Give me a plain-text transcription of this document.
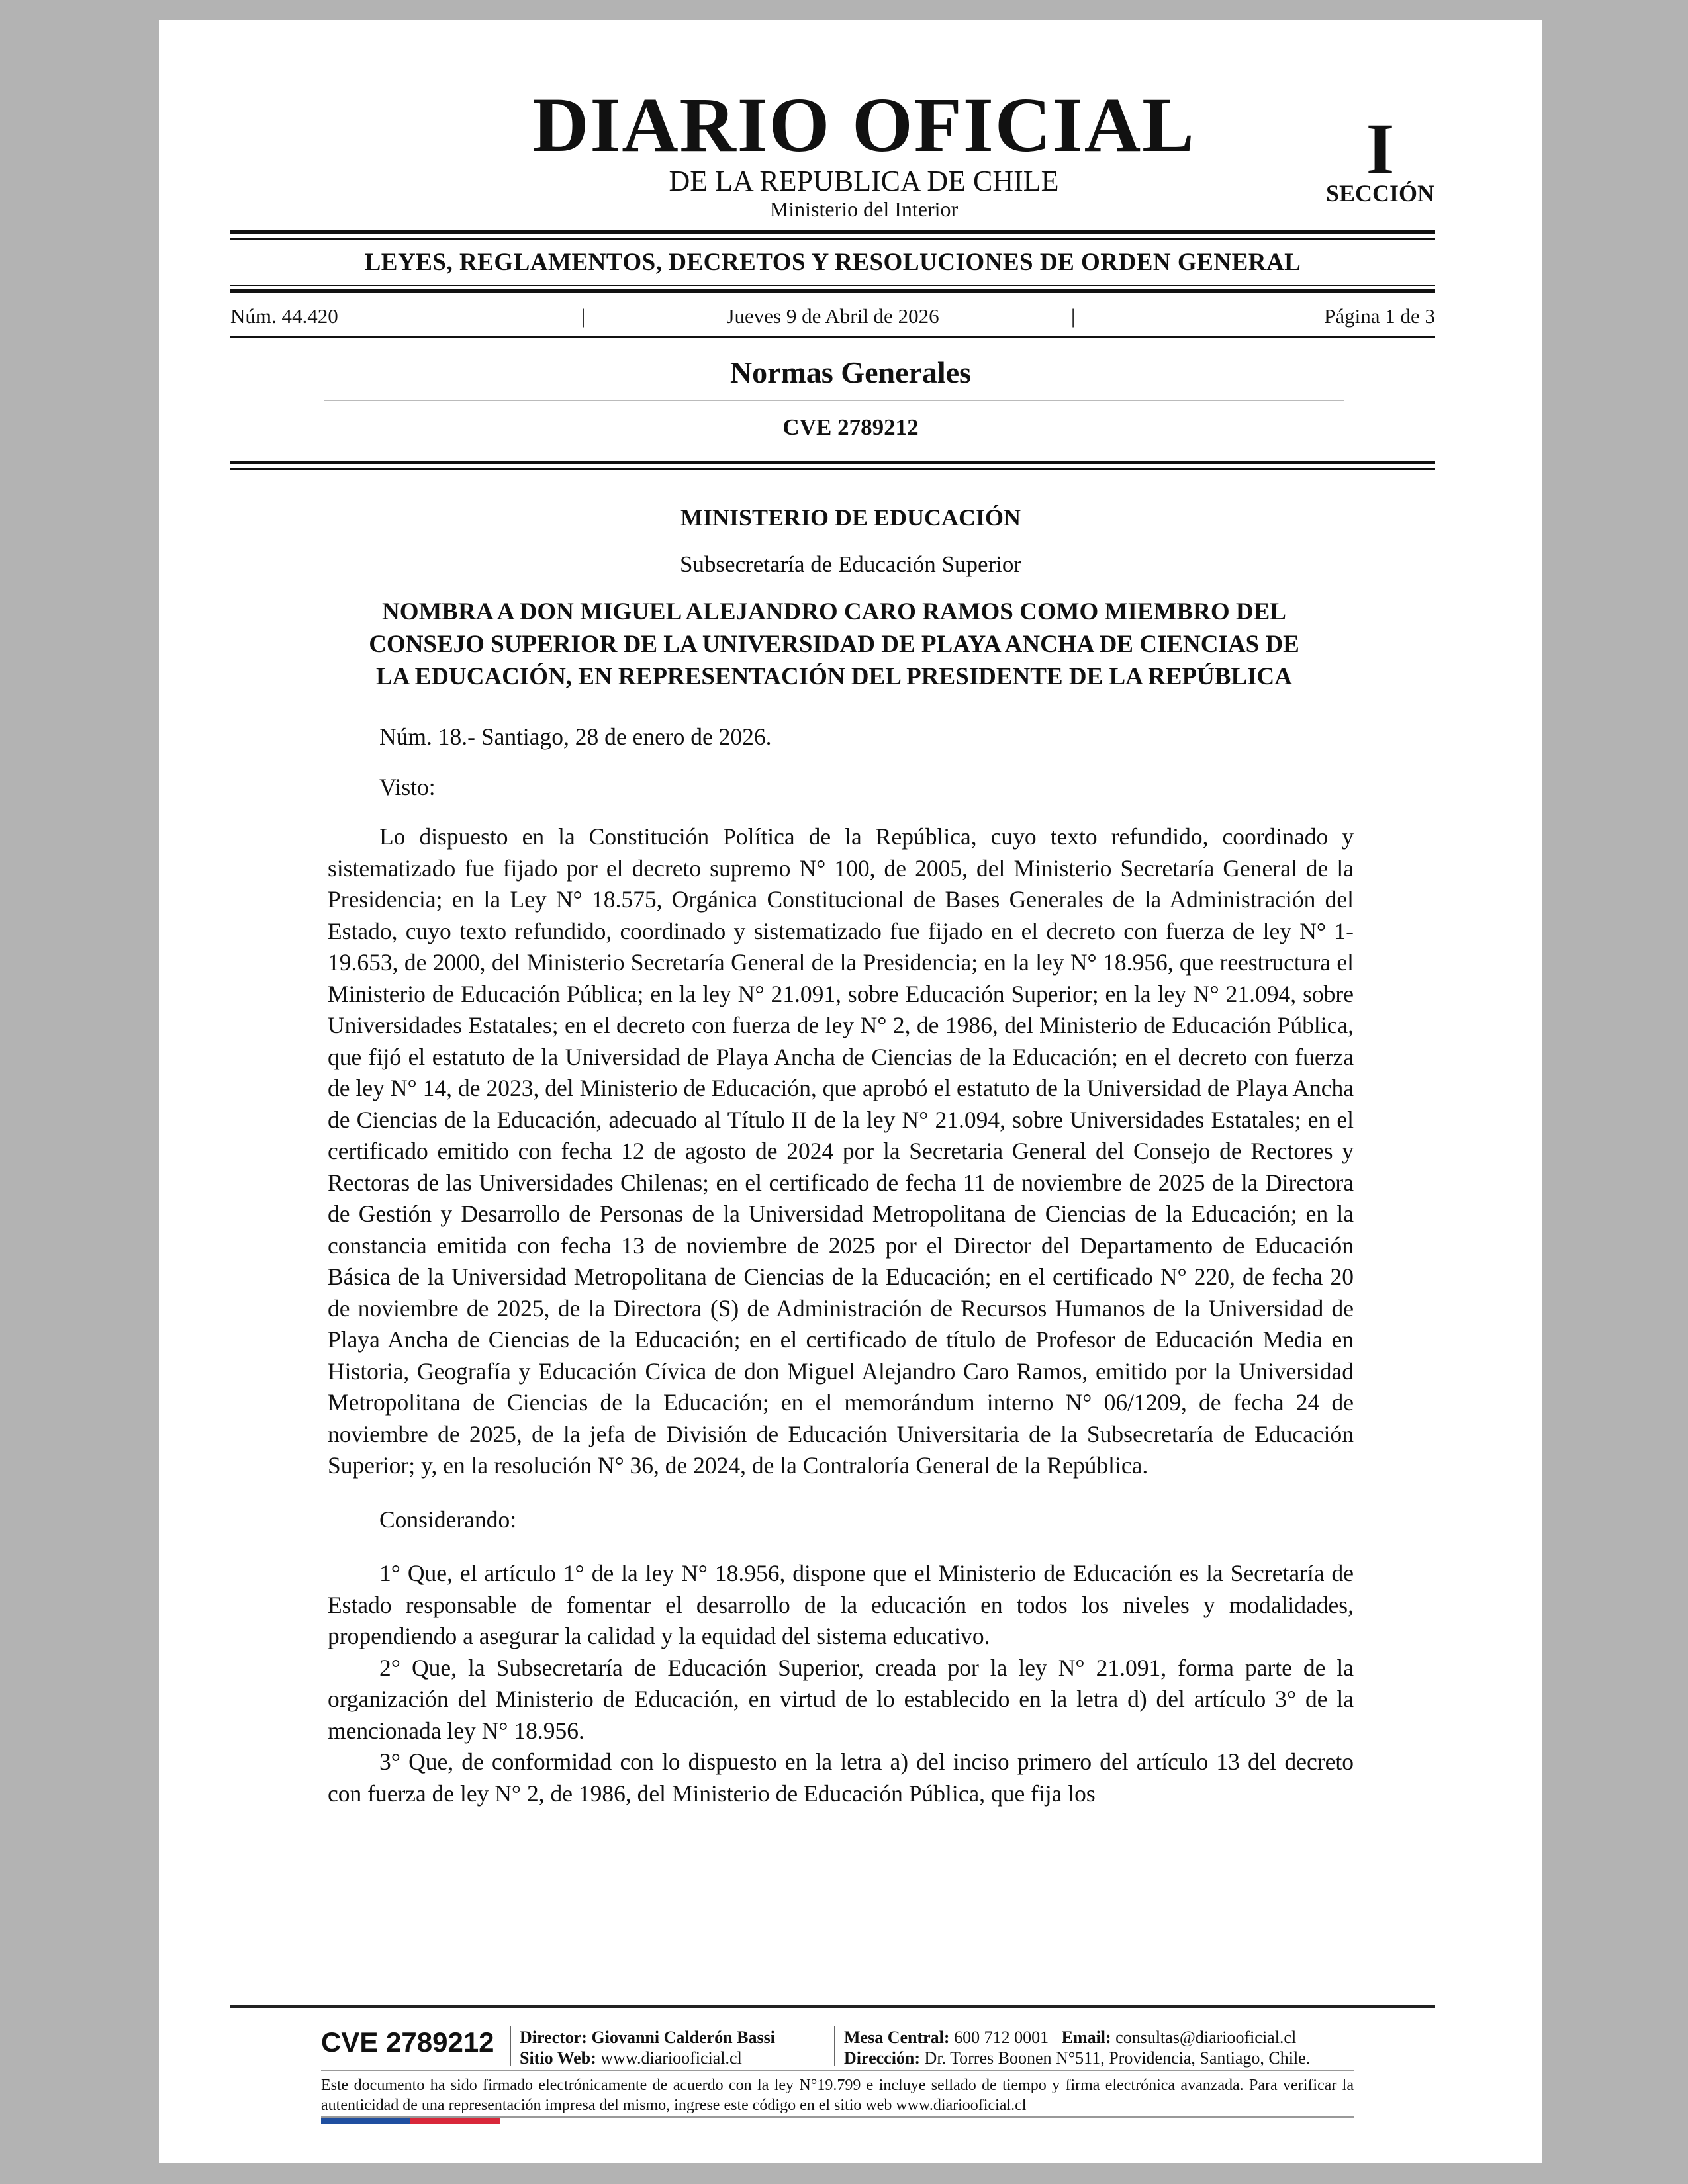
DIARIO OFICIAL
DE LA REPUBLICA DE CHILE
Ministerio del Interior
I
SECCIÓN
LEYES, REGLAMENTOS, DECRETOS Y RESOLUCIONES DE ORDEN GENERAL
Núm. 44.420	|	Jueves 9 de Abril de 2026	|	Página 1 de 3
Normas Generales
CVE 2789212
MINISTERIO DE EDUCACIÓN
Subsecretaría de Educación Superior
NOMBRA A DON MIGUEL ALEJANDRO CARO RAMOS COMO MIEMBRO DEL
CONSEJO SUPERIOR DE LA UNIVERSIDAD DE PLAYA ANCHA DE CIENCIAS DE
LA EDUCACIÓN, EN REPRESENTACIÓN DEL PRESIDENTE DE LA REPÚBLICA

Núm. 18.- Santiago, 28 de enero de 2026.

Visto:

Lo dispuesto en la Constitución Política de la República, cuyo texto refundido, coordinado y sistematizado fue fijado por el decreto supremo N° 100, de 2005, del Ministerio Secretaría General de la Presidencia; en la Ley N° 18.575, Orgánica Constitucional de Bases Generales de la Administración del Estado, cuyo texto refundido, coordinado y sistematizado fue fijado en el decreto con fuerza de ley N° 1-19.653, de 2000, del Ministerio Secretaría General de la Presidencia; en la ley N° 18.956, que reestructura el Ministerio de Educación Pública; en la ley N° 21.091, sobre Educación Superior; en la ley N° 21.094, sobre Universidades Estatales; en el decreto con fuerza de ley N° 2, de 1986, del Ministerio de Educación Pública, que fijó el estatuto de la Universidad de Playa Ancha de Ciencias de la Educación; en el decreto con fuerza de ley N° 14, de 2023, del Ministerio de Educación, que aprobó el estatuto de la Universidad de Playa Ancha de Ciencias de la Educación, adecuado al Título II de la ley N° 21.094, sobre Universidades Estatales; en el certificado emitido con fecha 12 de agosto de 2024 por la Secretaria General del Consejo de Rectores y Rectoras de las Universidades Chilenas; en el certificado de fecha 11 de noviembre de 2025 de la Directora de Gestión y Desarrollo de Personas de la Universidad Metropolitana de Ciencias de la Educación; en la constancia emitida con fecha 13 de noviembre de 2025 por el Director del Departamento de Educación Básica de la Universidad Metropolitana de Ciencias de la Educación; en el certificado N° 220, de fecha 20 de noviembre de 2025, de la Directora (S) de Administración de Recursos Humanos de la Universidad de Playa Ancha de Ciencias de la Educación; en el certificado de título de Profesor de Educación Media en Historia, Geografía y Educación Cívica de don Miguel Alejandro Caro Ramos, emitido por la Universidad Metropolitana de Ciencias de la Educación; en el memorándum interno N° 06/1209, de fecha 24 de noviembre de 2025, de la jefa de División de Educación Universitaria de la Subsecretaría de Educación Superior; y, en la resolución N° 36, de 2024, de la Contraloría General de la República.

Considerando:

1° Que, el artículo 1° de la ley N° 18.956, dispone que el Ministerio de Educación es la Secretaría de Estado responsable de fomentar el desarrollo de la educación en todos los niveles y modalidades, propendiendo a asegurar la calidad y la equidad del sistema educativo.

2° Que, la Subsecretaría de Educación Superior, creada por la ley N° 21.091, forma parte de la organización del Ministerio de Educación, en virtud de lo establecido en la letra d) del artículo 3° de la mencionada ley N° 18.956.

3° Que, de conformidad con lo dispuesto en la letra a) del inciso primero del artículo 13 del decreto con fuerza de ley N° 2, de 1986, del Ministerio de Educación Pública, que fija los

CVE 2789212 Director: Giovanni Calderón Bassi
Sitio Web: www.diariooficial.cl
Mesa Central: 600 712 0001 Email: consultas@diariooficial.cl
Dirección: Dr. Torres Boonen N°511, Providencia, Santiago, Chile.
Este documento ha sido firmado electrónicamente de acuerdo con la ley N°19.799 e incluye sellado de tiempo y firma electrónica avanzada. Para verificar la autenticidad de una representación impresa del mismo, ingrese este código en el sitio web www.diariooficial.cl
